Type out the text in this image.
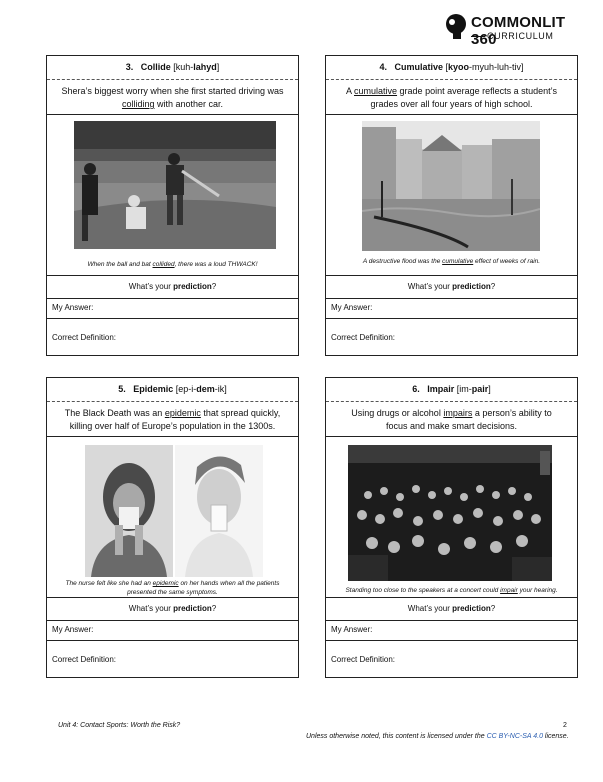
COMMONLIT 360
CURRICULUM
3. Collide [kuh-lahyd]
Shera’s biggest worry when she first started driving was colliding with another car.
When the ball and bat collided, there was a loud THWACK!
What’s your prediction?
My Answer:
Correct Definition:
4. Cumulative [kyoo-myuh-luh-tiv]
A cumulative grade point average reflects a student’s grades over all four years of high school.
A destructive flood was the cumulative effect of weeks of rain.
What’s your prediction?
My Answer:
Correct Definition:
5. Epidemic [ep-i-dem-ik]
The Black Death was an epidemic that spread quickly, killing over half of Europe’s population in the 1300s.
The nurse felt like she had an epidemic on her hands when all the patients presented the same symptoms.
What’s your prediction?
My Answer:
Correct Definition:
6. Impair [im-pair]
Using drugs or alcohol impairs a person’s ability to focus and make smart decisions.
Standing too close to the speakers at a concert could impair your hearing.
What’s your prediction?
My Answer:
Correct Definition:
Unit 4: Contact Sports: Worth the Risk?	2
Unless otherwise noted, this content is licensed under the CC BY-NC-SA 4.0 license.
